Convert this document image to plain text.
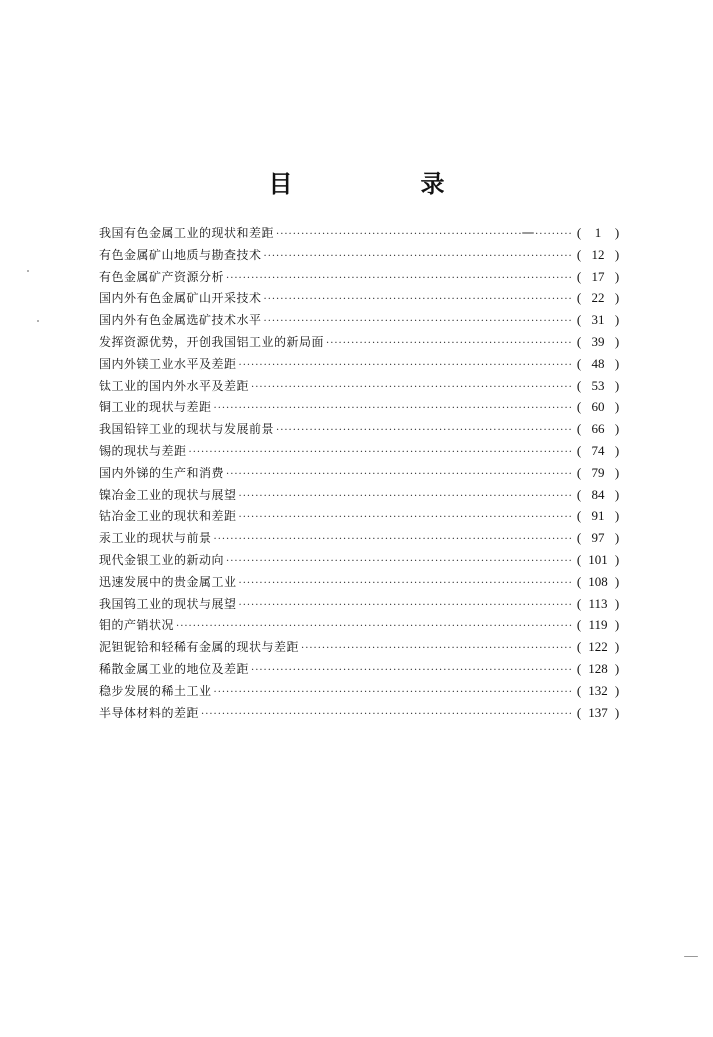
目　录
我国有色金属工业的现状和差距 ·····	(	1	)
有色金属矿山地质与勘查技术 ·····	( 12 )
有色金属矿产资源分析 ·····	( 17 )
国内外有色金属矿山开采技术 ·····	( 22 )
国内外有色金属选矿技术水平 ·····	( 31 )
发挥资源优势，开创我国铝工业的新局面 ·····	( 39 )
国内外镁工业水平及差距 ·····	( 48 )
钛工业的国内外水平及差距 ·····	( 53 )
铜工业的现状与差距 ·····	( 60 )
我国铅锌工业的现状与发展前景 ·····	( 66 )
锡的现状与差距 ·····	( 74 )
国内外锑的生产和消费 ·····	( 79 )
镍冶金工业的现状与展望 ·····	( 84 )
钴冶金工业的现状和差距 ·····	( 91 )
汞工业的现状与前景 ·····	( 97 )
现代金银工业的新动向 ·····	( 101 )
迅速发展中的贵金属工业 ·····	( 108 )
我国钨工业的现状与展望 ·····	( 113 )
钼的产销状况 ·····	( 119 )
泥钽铌铪和轻稀有金属的现状与差距 ·····	( 122 )
稀散金属工业的地位及差距 ·····	( 128 )
稳步发展的稀土工业 ·····	( 132 )
半导体材料的差距 ·····	( 137 )
